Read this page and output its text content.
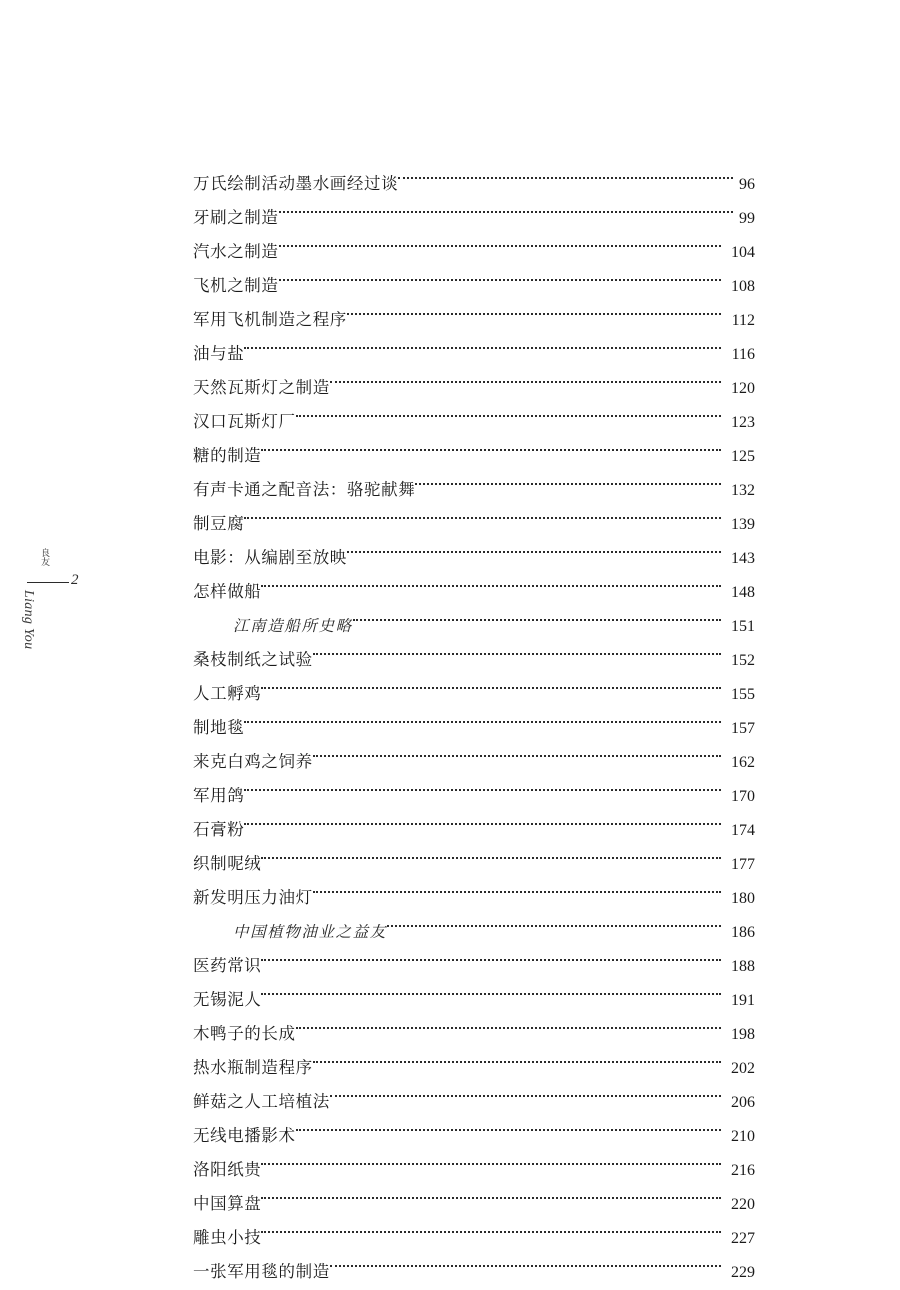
良友
2
Liang You
万氏绘制活动墨水画经过谈	96
牙刷之制造	99
汽水之制造	104
飞机之制造	108
军用飞机制造之程序	112
油与盐	116
天然瓦斯灯之制造	120
汉口瓦斯灯厂	123
糖的制造	125
有声卡通之配音法：骆驼献舞	132
制豆腐	139
电影：从编剧至放映	143
怎样做船	148
江南造船所史略	151
桑枝制纸之试验	152
人工孵鸡	155
制地毯	157
来克白鸡之饲养	162
军用鸽	170
石膏粉	174
织制呢绒	177
新发明压力油灯	180
中国植物油业之益友	186
医药常识	188
无锡泥人	191
木鸭子的长成	198
热水瓶制造程序	202
鲜菇之人工培植法	206
无线电播影术	210
洛阳纸贵	216
中国算盘	220
雕虫小技	227
一张军用毯的制造	229
